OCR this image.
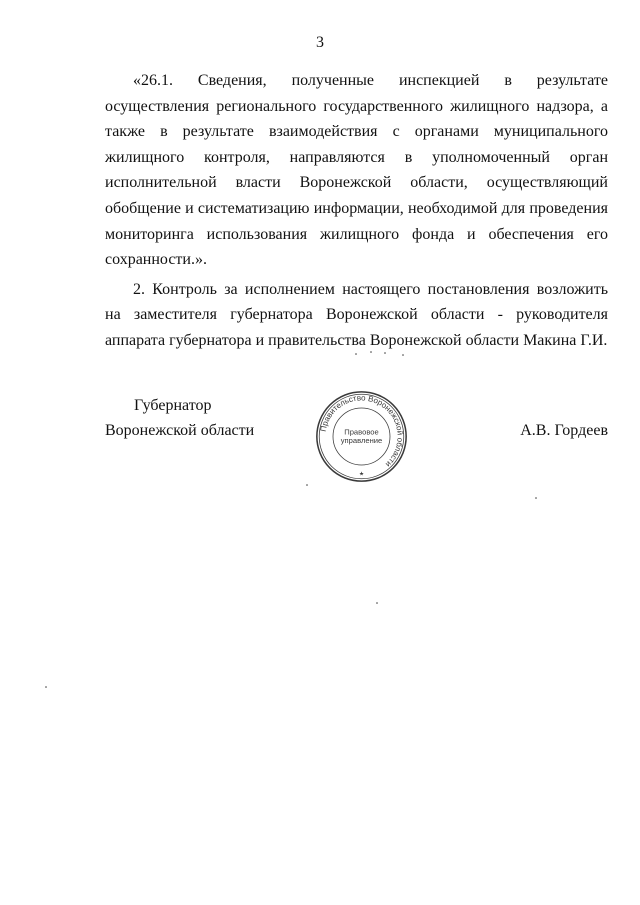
3

«26.1. Сведения, полученные инспекцией в результате осуществления регионального государственного жилищного надзора, а также в результате взаимодействия с органами муниципального жилищного контроля, направляются в уполномоченный орган исполнительной власти Воронежской области, осуществляющий обобщение и систематизацию информации, необходимой для проведения мониторинга использования жилищного фонда и обеспечения его сохранности.».

2. Контроль за исполнением настоящего постановления возложить на заместителя губернатора Воронежской области - руководителя аппарата губернатора и правительства Воронежской области Макина Г.И.

Губернатор
Воронежской области	Правительство Воронежской области
Правовое
управление
★
А.В. Гордеев
